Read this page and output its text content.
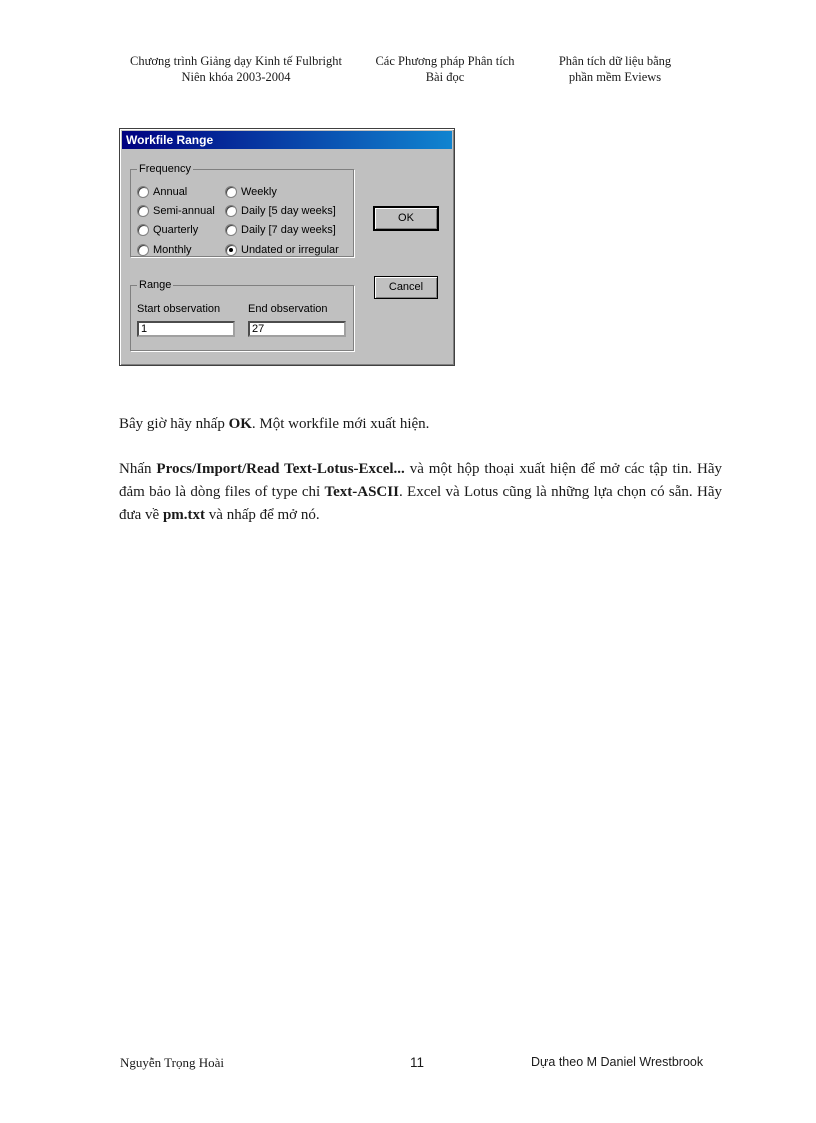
Chương trình Giảng dạy Kinh tế Fulbright
Niên khóa 2003-2004
Các Phương pháp Phân tích
Bài đọc
Phân tích dữ liệu bằng
phần mềm Eviews
Workfile Range
Frequency
Annual
Semi-annual
Quarterly
Monthly
Weekly
Daily [5 day weeks]
Daily [7 day weeks]
Undated or irregular
Range
Start observation	End observation
1	27
OK
Cancel
Bây giờ hãy nhấp OK. Một workfile mới xuất hiện.
Nhấn Procs/Import/Read Text-Lotus-Excel... và một hộp thoại xuất hiện để mở các tập tin. Hãy đảm bảo là dòng files of type chỉ Text-ASCII. Excel và Lotus cũng là những lựa chọn có sẵn. Hãy đưa về pm.txt và nhấp để mở nó.
Nguyễn Trọng Hoài	11	Dựa theo M Daniel Wrestbrook
